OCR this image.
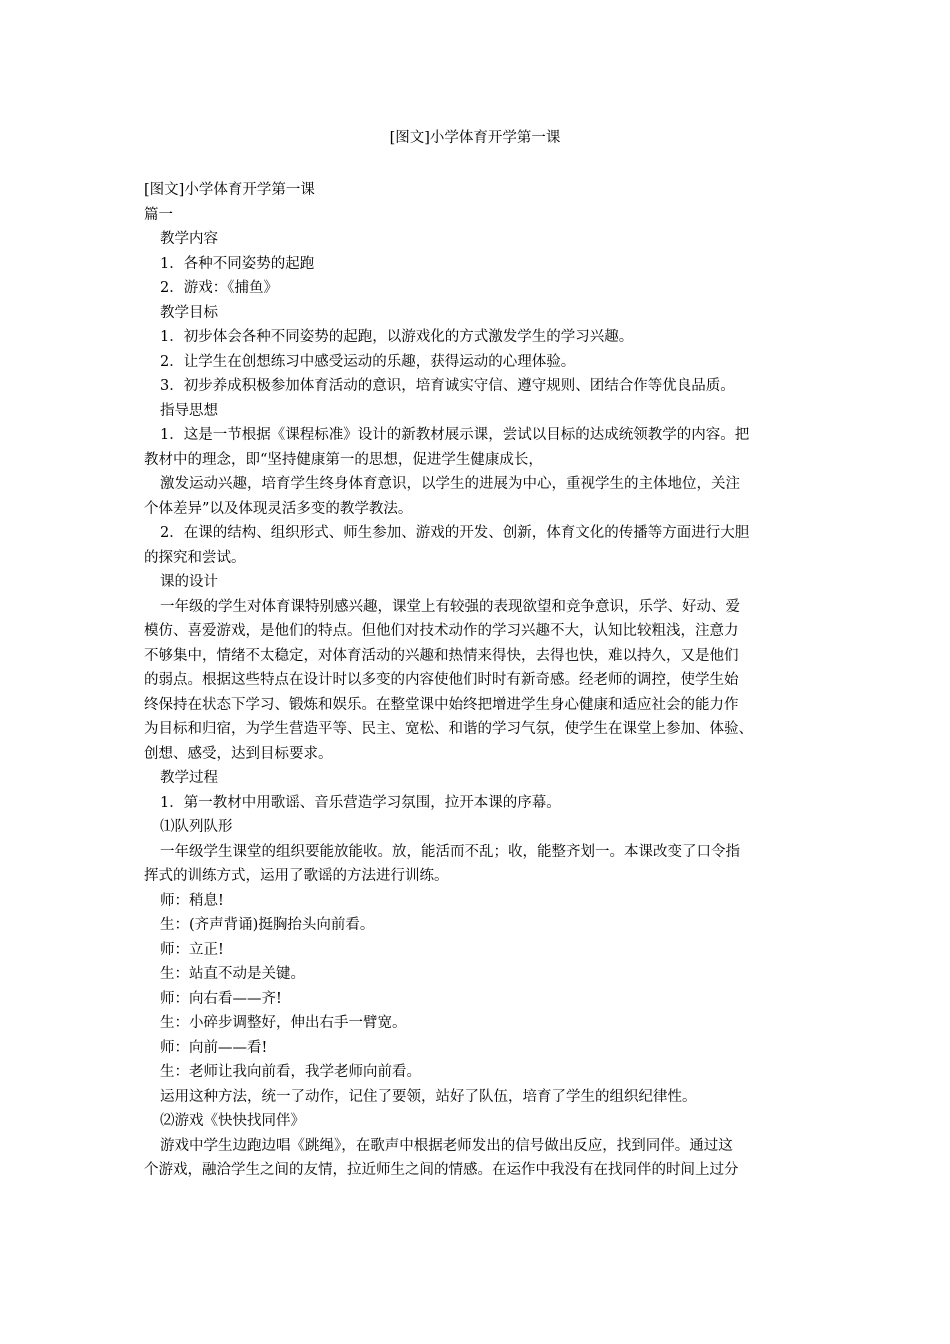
[图文]小学体育开学第一课

[图文]小学体育开学第一课

篇一

教学内容

1．各种不同姿势的起跑

2．游戏：《捕鱼》

教学目标

1．初步体会各种不同姿势的起跑，以游戏化的方式激发学生的学习兴趣。

2．让学生在创想练习中感受运动的乐趣，获得运动的心理体验。

3．初步养成积极参加体育活动的意识，培育诚实守信、遵守规则、团结合作等优良品质。

指导思想

1．这是一节根据《课程标准》设计的新教材展示课，尝试以目标的达成统领教学的内容。把

教材中的理念，即“坚持健康第一的思想，促进学生健康成长，

激发运动兴趣，培育学生终身体育意识，以学生的进展为中心，重视学生的主体地位，关注

个体差异”以及体现灵活多变的教学教法。

2．在课的结构、组织形式、师生参加、游戏的开发、创新，体育文化的传播等方面进行大胆

的探究和尝试。

课的设计

一年级的学生对体育课特别感兴趣，课堂上有较强的表现欲望和竞争意识，乐学、好动、爱

模仿、喜爱游戏，是他们的特点。但他们对技术动作的学习兴趣不大，认知比较粗浅，注意力

不够集中，情绪不太稳定，对体育活动的兴趣和热情来得快，去得也快，难以持久，又是他们

的弱点。根据这些特点在设计时以多变的内容使他们时时有新奇感。经老师的调控，使学生始

终保持在状态下学习、锻炼和娱乐。在整堂课中始终把增进学生身心健康和适应社会的能力作

为目标和归宿，为学生营造平等、民主、宽松、和谐的学习气氛，使学生在课堂上参加、体验、

创想、感受，达到目标要求。

教学过程

1．第一教材中用歌谣、音乐营造学习氛围，拉开本课的序幕。

⑴队列队形

一年级学生课堂的组织要能放能收。放，能活而不乱；收，能整齐划一。本课改变了口令指

挥式的训练方式，运用了歌谣的方法进行训练。

师：稍息!

生：(齐声背诵)挺胸抬头向前看。

师：立正!

生：站直不动是关键。

师：向右看——齐!

生：小碎步调整好，伸出右手一臂宽。

师：向前——看!

生：老师让我向前看，我学老师向前看。

运用这种方法，统一了动作，记住了要领，站好了队伍，培育了学生的组织纪律性。

⑵游戏《快快找同伴》

游戏中学生边跑边唱《跳绳》，在歌声中根据老师发出的信号做出反应，找到同伴。通过这

个游戏，融洽学生之间的友情，拉近师生之间的情感。在运作中我没有在找同伴的时间上过分
